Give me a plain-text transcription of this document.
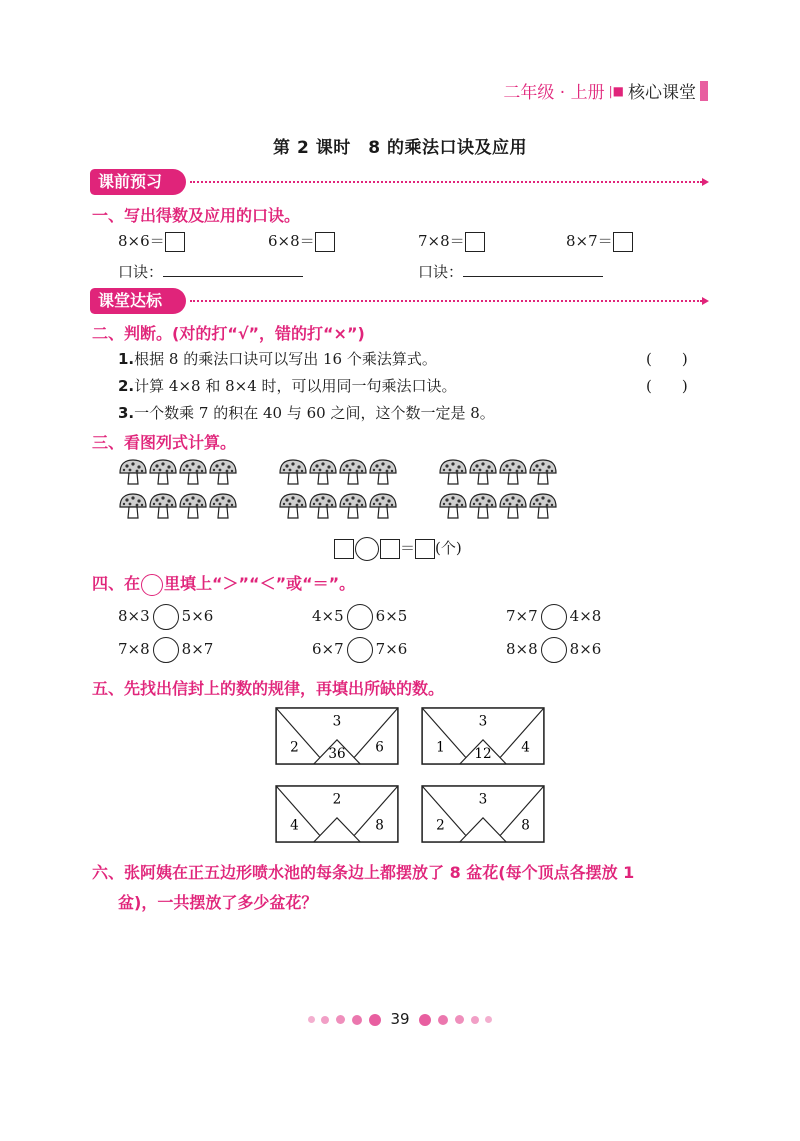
二年级 · 上册 |■ 核心课堂
第 2 课时　8 的乘法口诀及应用
课前预习
一、写出得数及应用的口诀。
8×6＝	6×8＝	7×8＝	8×7＝
口诀：	口诀：
课堂达标
二、判断。(对的打“√”，错的打“×”)
1.根据 8 的乘法口诀可以写出 16 个乘法算式。	(　　)
2.计算 4×8 和 8×4 时，可以用同一句乘法口诀。	(　　)
3.一个数乘 7 的积在 40 与 60 之间，这个数一定是 8。
三、看图列式计算。
＝ (个)
四、在 里填上“＞”“＜”或“＝”。
8×3 5×6	4×5 6×5	7×7 4×8
7×8 8×7	6×7 7×6	8×8 8×6
五、先找出信封上的数的规律，再填出所缺的数。
3
2	6
36
3
1	4
12
2
4	8
3
2	8
六、张阿姨在正五边形喷水池的每条边上都摆放了 8 盆花(每个顶点各摆放 1
盆)，一共摆放了多少盆花？
39
